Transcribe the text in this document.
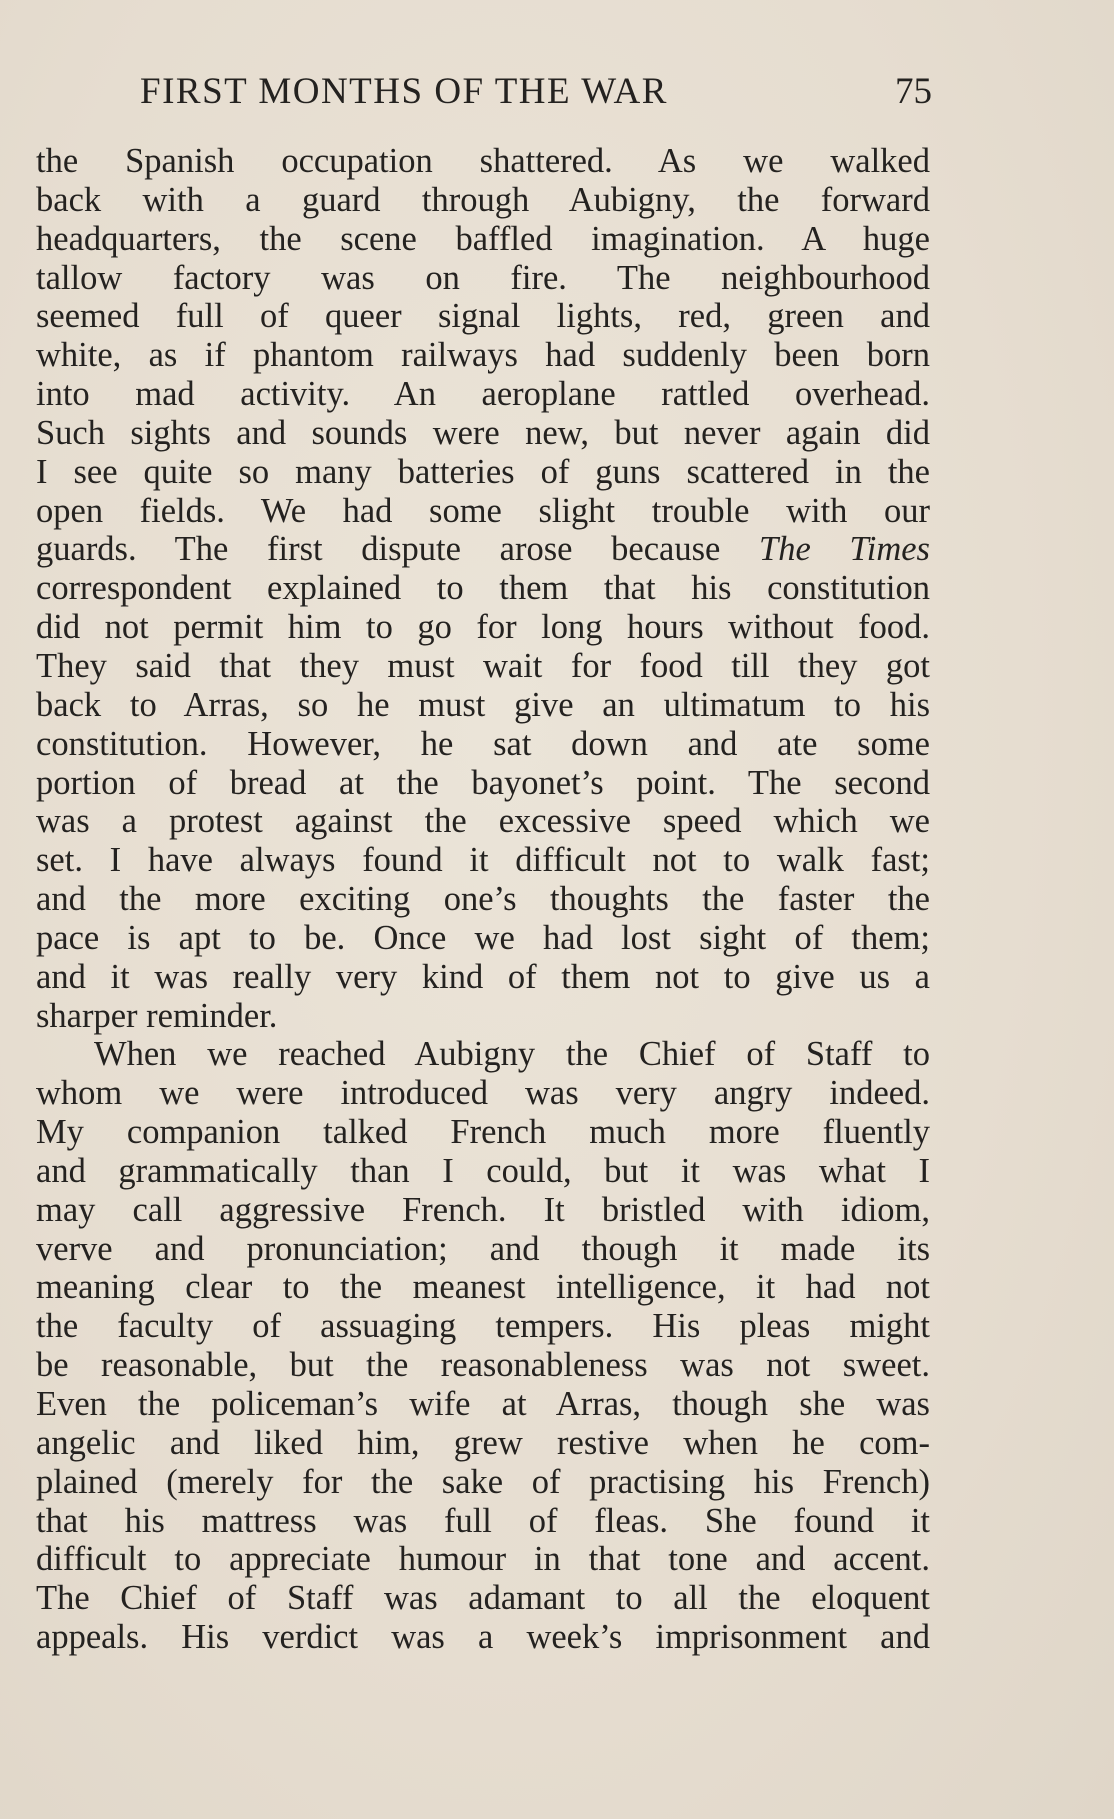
FIRST MONTHS OF THE WAR	75
the Spanish occupation shattered. As we walked
back with a guard through Aubigny, the forward
headquarters, the scene baffled imagination. A huge
tallow factory was on fire. The neighbourhood
seemed full of queer signal lights, red, green and
white, as if phantom railways had suddenly been born
into mad activity. An aeroplane rattled overhead.
Such sights and sounds were new, but never again did
I see quite so many batteries of guns scattered in the
open fields. We had some slight trouble with our
guards. The first dispute arose because The Times
correspondent explained to them that his constitution
did not permit him to go for long hours without food.
They said that they must wait for food till they got
back to Arras, so he must give an ultimatum to his
constitution. However, he sat down and ate some
portion of bread at the bayonet’s point. The second
was a protest against the excessive speed which we
set. I have always found it difficult not to walk fast;
and the more exciting one’s thoughts the faster the
pace is apt to be. Once we had lost sight of them;
and it was really very kind of them not to give us a
sharper reminder.
When we reached Aubigny the Chief of Staff to
whom we were introduced was very angry indeed.
My companion talked French much more fluently
and grammatically than I could, but it was what I
may call aggressive French. It bristled with idiom,
verve and pronunciation; and though it made its
meaning clear to the meanest intelligence, it had not
the faculty of assuaging tempers. His pleas might
be reasonable, but the reasonableness was not sweet.
Even the policeman’s wife at Arras, though she was
angelic and liked him, grew restive when he com-
plained (merely for the sake of practising his French)
that his mattress was full of fleas. She found it
difficult to appreciate humour in that tone and accent.
The Chief of Staff was adamant to all the eloquent
appeals. His verdict was a week’s imprisonment and
